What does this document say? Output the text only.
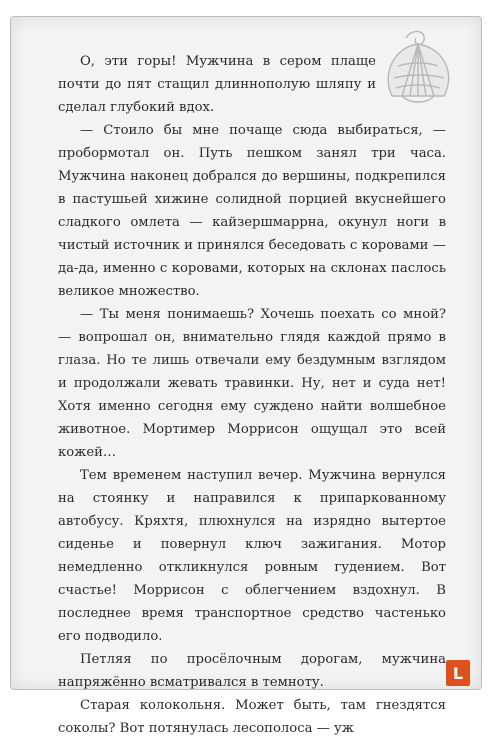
О, эти горы! Мужчина в сером плаще почти до пят стащил длиннополую шляпу и сделал глубокий вдох.

— Стоило бы мне почаще сюда выбираться, — пробормотал он. Путь пешком занял три часа. Мужчина наконец добрался до вершины, подкрепился в пастушьей хижине солидной порцией вкуснейшего сладкого омлета — кайзершмаррна, окунул ноги в чистый источник и принялся беседовать с коровами — да-да, именно с коровами, которых на склонах паслось великое множество.

— Ты меня понимаешь? Хочешь поехать со мной? — вопрошал он, внимательно глядя каждой прямо в глаза. Но те лишь отвечали ему бездумным взглядом и продолжали жевать травинки. Ну, нет и суда нет! Хотя именно сегодня ему суждено найти волшебное животное. Мортимер Моррисон ощущал это всей кожей…

Тем временем наступил вечер. Мужчина вернулся на стоянку и направился к припаркованному автобусу. Кряхтя, плюхнулся на изрядно вытертое сиденье и повернул ключ зажигания. Мотор немедленно откликнулся ровным гудением. Вот счастье! Моррисон с облегчением вздохнул. В последнее время транспортное средство частенько его подводило.

Петляя по просёлочным дорогам, мужчина напряжённо всматривался в темноту.

Старая колокольня. Может быть, там гнездятся соколы? Вот потянулась лесополоса — уж

L
